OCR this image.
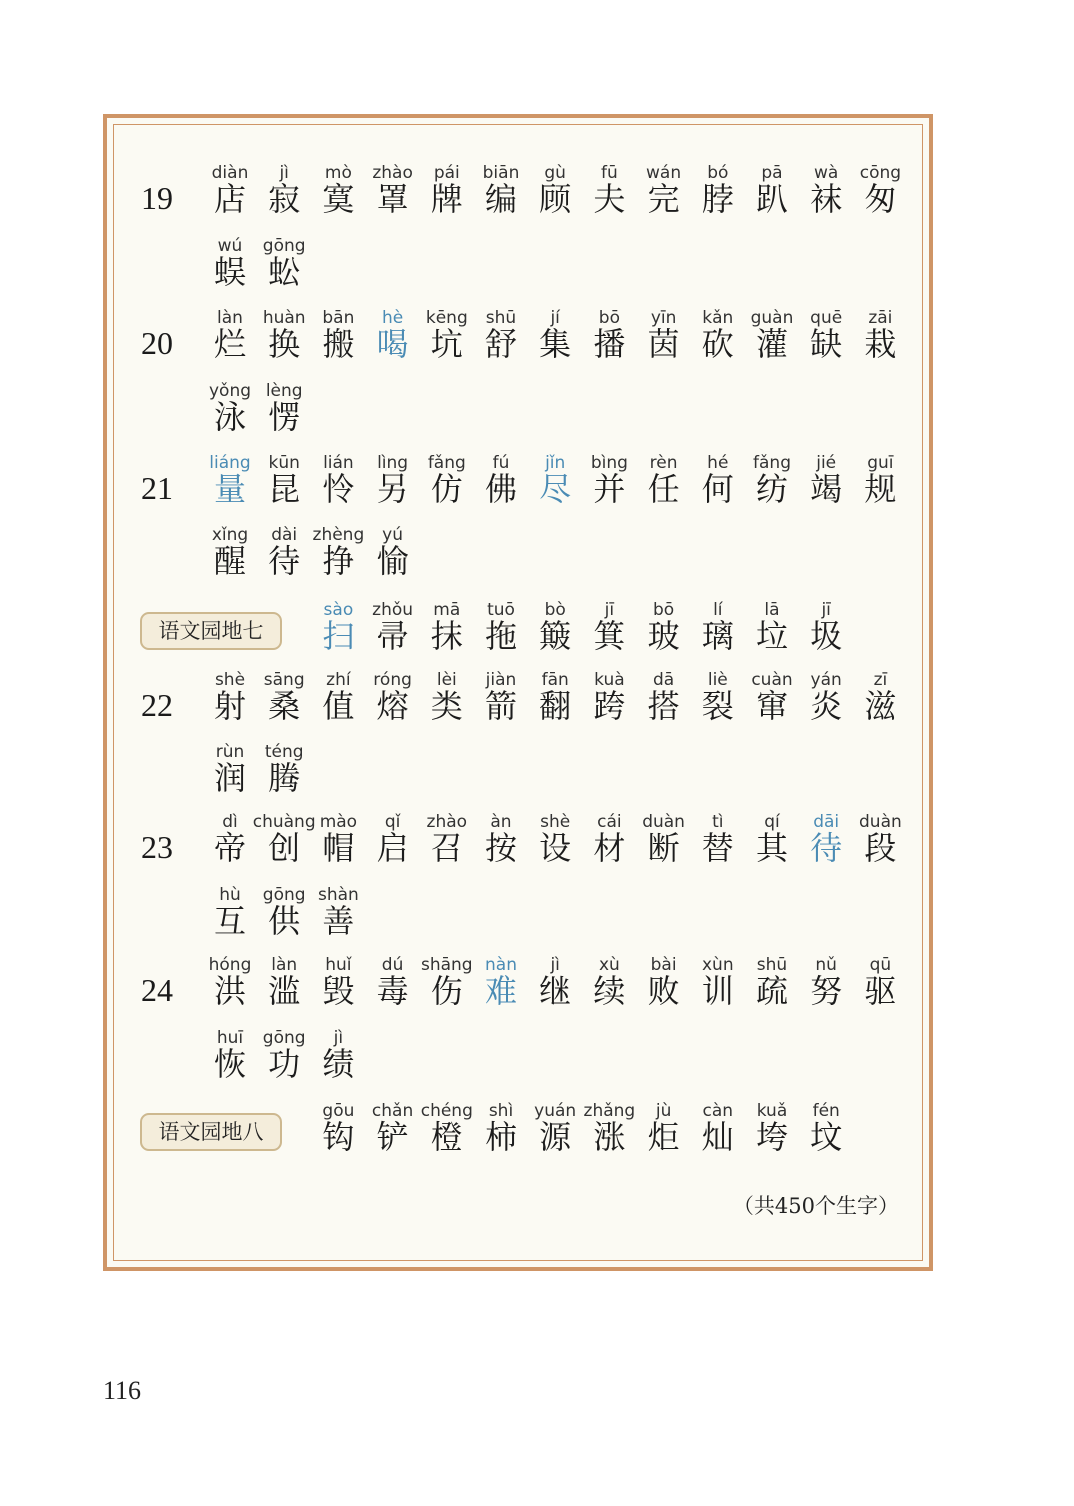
19
diàn
店
jì
寂
mò
寞
zhào
罩
pái
牌
biān
编
gù
顾
fū
夫
wán
完
bó
脖
pā
趴
wà
袜
cōng
匆
wú
蜈
gōng
蚣
20
làn
烂
huàn
换
bān
搬
hè
喝
kēng
坑
shū
舒
jí
集
bō
播
yīn
茵
kǎn
砍
guàn
灌
quē
缺
zāi
栽
yǒng
泳
lèng
愣
21
liáng
量
kūn
昆
lián
怜
lìng
另
fǎng
仿
fú
佛
jǐn
尽
bìng
并
rèn
任
hé
何
fǎng
纺
jié
竭
guī
规
xǐng
醒
dài
待
zhèng
挣
yú
愉
语文园地七
sào
扫
zhǒu
帚
mā
抹
tuō
拖
bò
簸
jī
箕
bō
玻
lí
璃
lā
垃
jī
圾
22
shè
射
sāng
桑
zhí
值
róng
熔
lèi
类
jiàn
箭
fān
翻
kuà
跨
dā
搭
liè
裂
cuàn
窜
yán
炎
zī
滋
rùn
润
téng
腾
23
dì
帝
chuàng
创
mào
帽
qǐ
启
zhào
召
àn
按
shè
设
cái
材
duàn
断
tì
替
qí
其
dāi
待
duàn
段
hù
互
gōng
供
shàn
善
24
hóng
洪
làn
滥
huǐ
毁
dú
毒
shāng
伤
nàn
难
jì
继
xù
续
bài
败
xùn
训
shū
疏
nǔ
努
qū
驱
huī
恢
gōng
功
jì
绩
语文园地八
gōu
钩
chǎn
铲
chéng
橙
shì
柿
yuán
源
zhǎng
涨
jù
炬
càn
灿
kuǎ
垮
fén
坟
（共450个生字）
116
